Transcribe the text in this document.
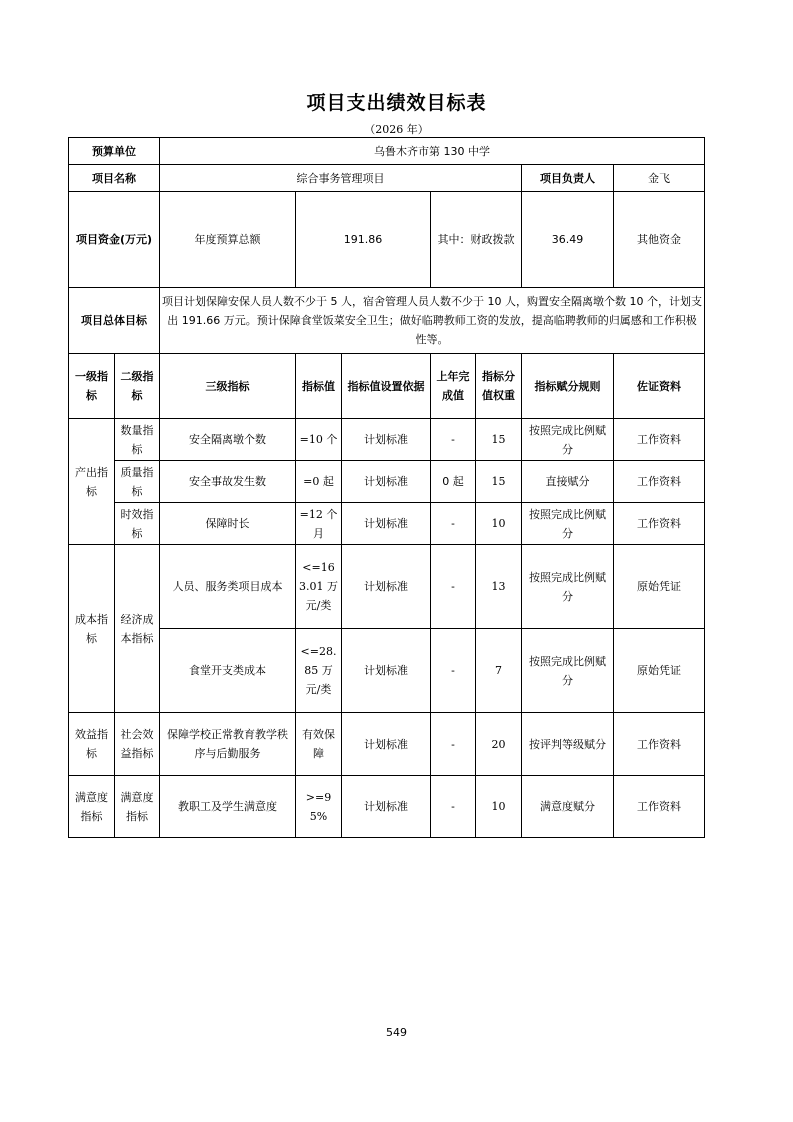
项目支出绩效目标表
（2026 年）
预算单位		乌鲁木齐市第 130 中学							
项目名称		综合事务管理项目					项目负责人	金飞	
项目资金(万元)		年度预算总额	191.86		其中：财政拨款		36.49	其他资金	
项目总体目标		项目计划保障安保人员人数不少于 5 人，宿舍管理人员人数不少于 10 人，购置安全隔离墩个数 10 个，计划支出 191.66 万元。预计保障食堂饭菜安全卫生；做好临聘教师工资的发放，提高临聘教师的归属感和工作积极性等。							
一级指标	二级指标	三级指标	指标值	指标值设置依据	上年完成值	指标分值权重	指标赋分规则	佐证资料	
产出指标	数量指标	安全隔离墩个数	=10 个	计划标准	-	15	按照完成比例赋分	工作资料	
	质量指标	安全事故发生数	=0 起	计划标准	0 起	15	直接赋分	工作资料	
	时效指标	保障时长	=12 个月	计划标准	-	10	按照完成比例赋分	工作资料	
成本指标	经济成本指标	人员、服务类项目成本	<=163.01 万元/类	计划标准	-	13	按照完成比例赋分	原始凭证	
		食堂开支类成本	<=28.85 万元/类	计划标准	-	7	按照完成比例赋分	原始凭证	
效益指标	社会效益指标	保障学校正常教育教学秩序与后勤服务	有效保障	计划标准	-	20	按评判等级赋分	工作资料	
满意度指标	满意度指标	教职工及学生满意度	>=95%	计划标准	-	10	满意度赋分	工作资料	
549
